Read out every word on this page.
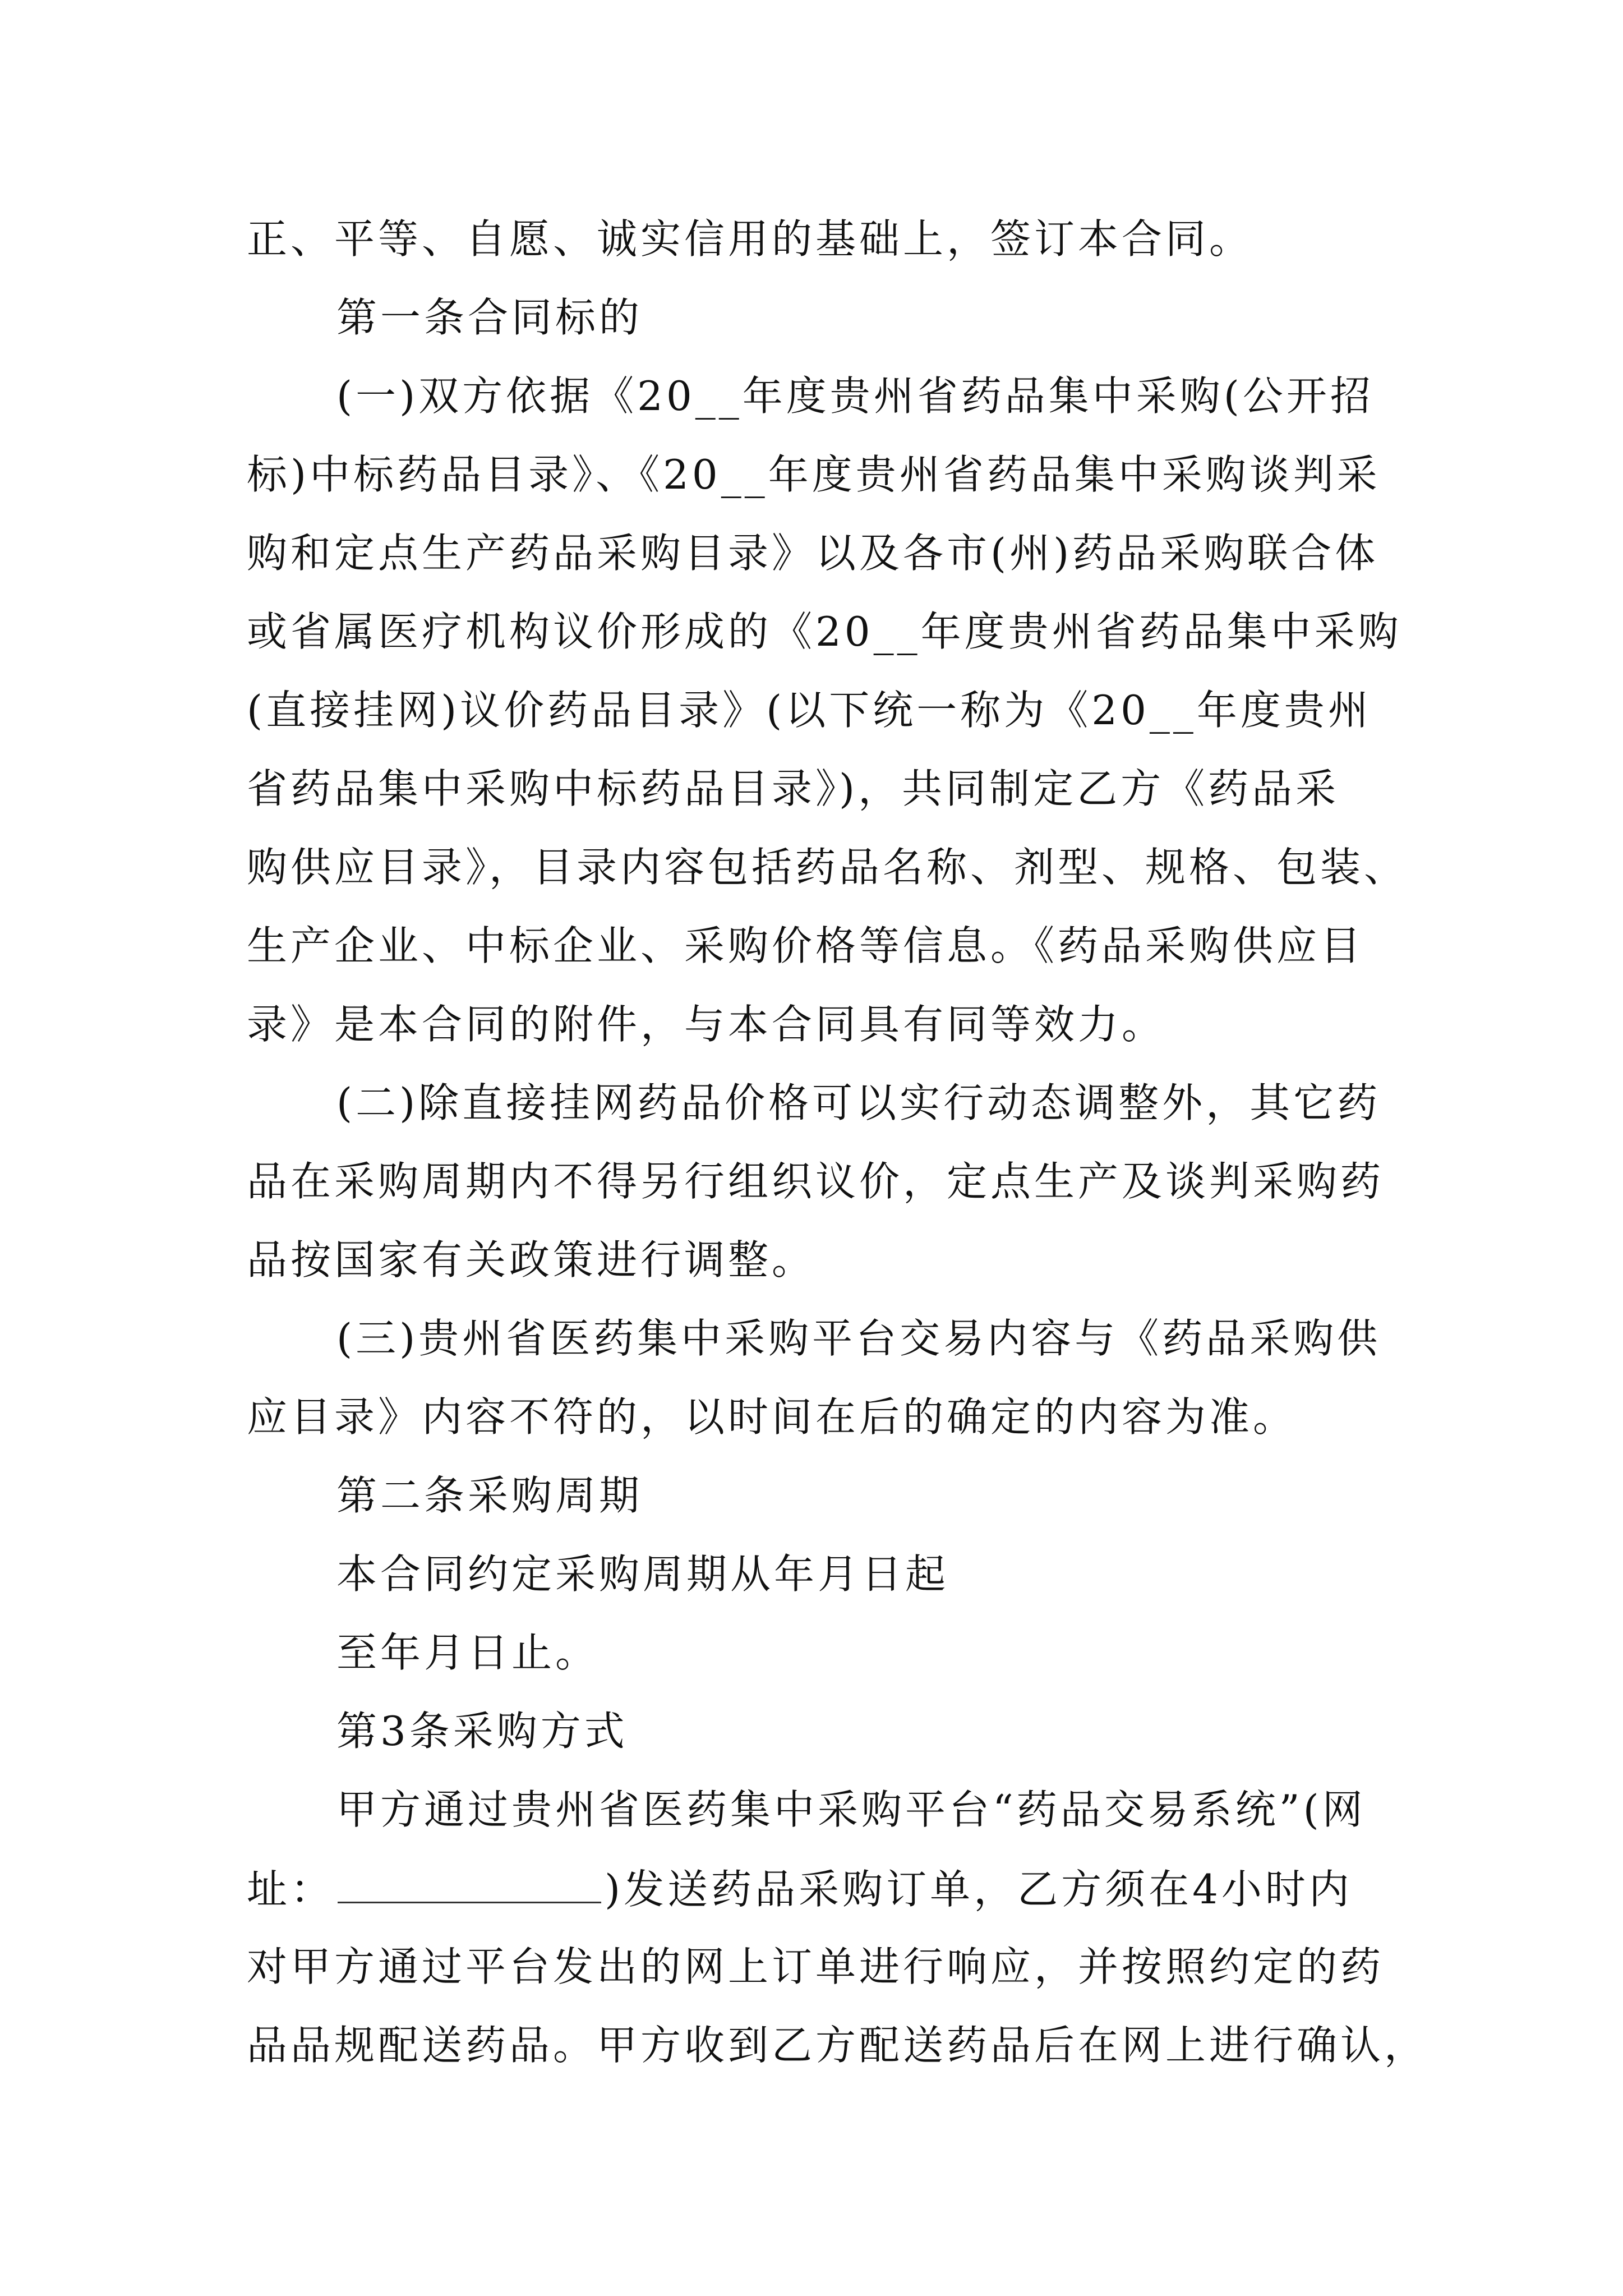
正、平等、自愿、诚实信用的基础上，签订本合同。
第一条合同标的
(一)双方依据《20__年度贵州省药品集中采购(公开招
标)中标药品目录》、《20__年度贵州省药品集中采购谈判采
购和定点生产药品采购目录》以及各市(州)药品采购联合体
或省属医疗机构议价形成的《20__年度贵州省药品集中采购
(直接挂网)议价药品目录》(以下统一称为《20__年度贵州
省药品集中采购中标药品目录》)，共同制定乙方《药品采
购供应目录》，目录内容包括药品名称、剂型、规格、包装、
生产企业、中标企业、采购价格等信息。《药品采购供应目
录》是本合同的附件，与本合同具有同等效力。
(二)除直接挂网药品价格可以实行动态调整外，其它药
品在采购周期内不得另行组织议价，定点生产及谈判采购药
品按国家有关政策进行调整。
(三)贵州省医药集中采购平台交易内容与《药品采购供
应目录》内容不符的，以时间在后的确定的内容为准。
第二条采购周期
本合同约定采购周期从年月日起
至年月日止。
第3条采购方式
甲方通过贵州省医药集中采购平台“药品交易系统”(网
址：	)发送药品采购订单，乙方须在4小时内
对甲方通过平台发出的网上订单进行响应，并按照约定的药
品品规配送药品。甲方收到乙方配送药品后在网上进行确认，
